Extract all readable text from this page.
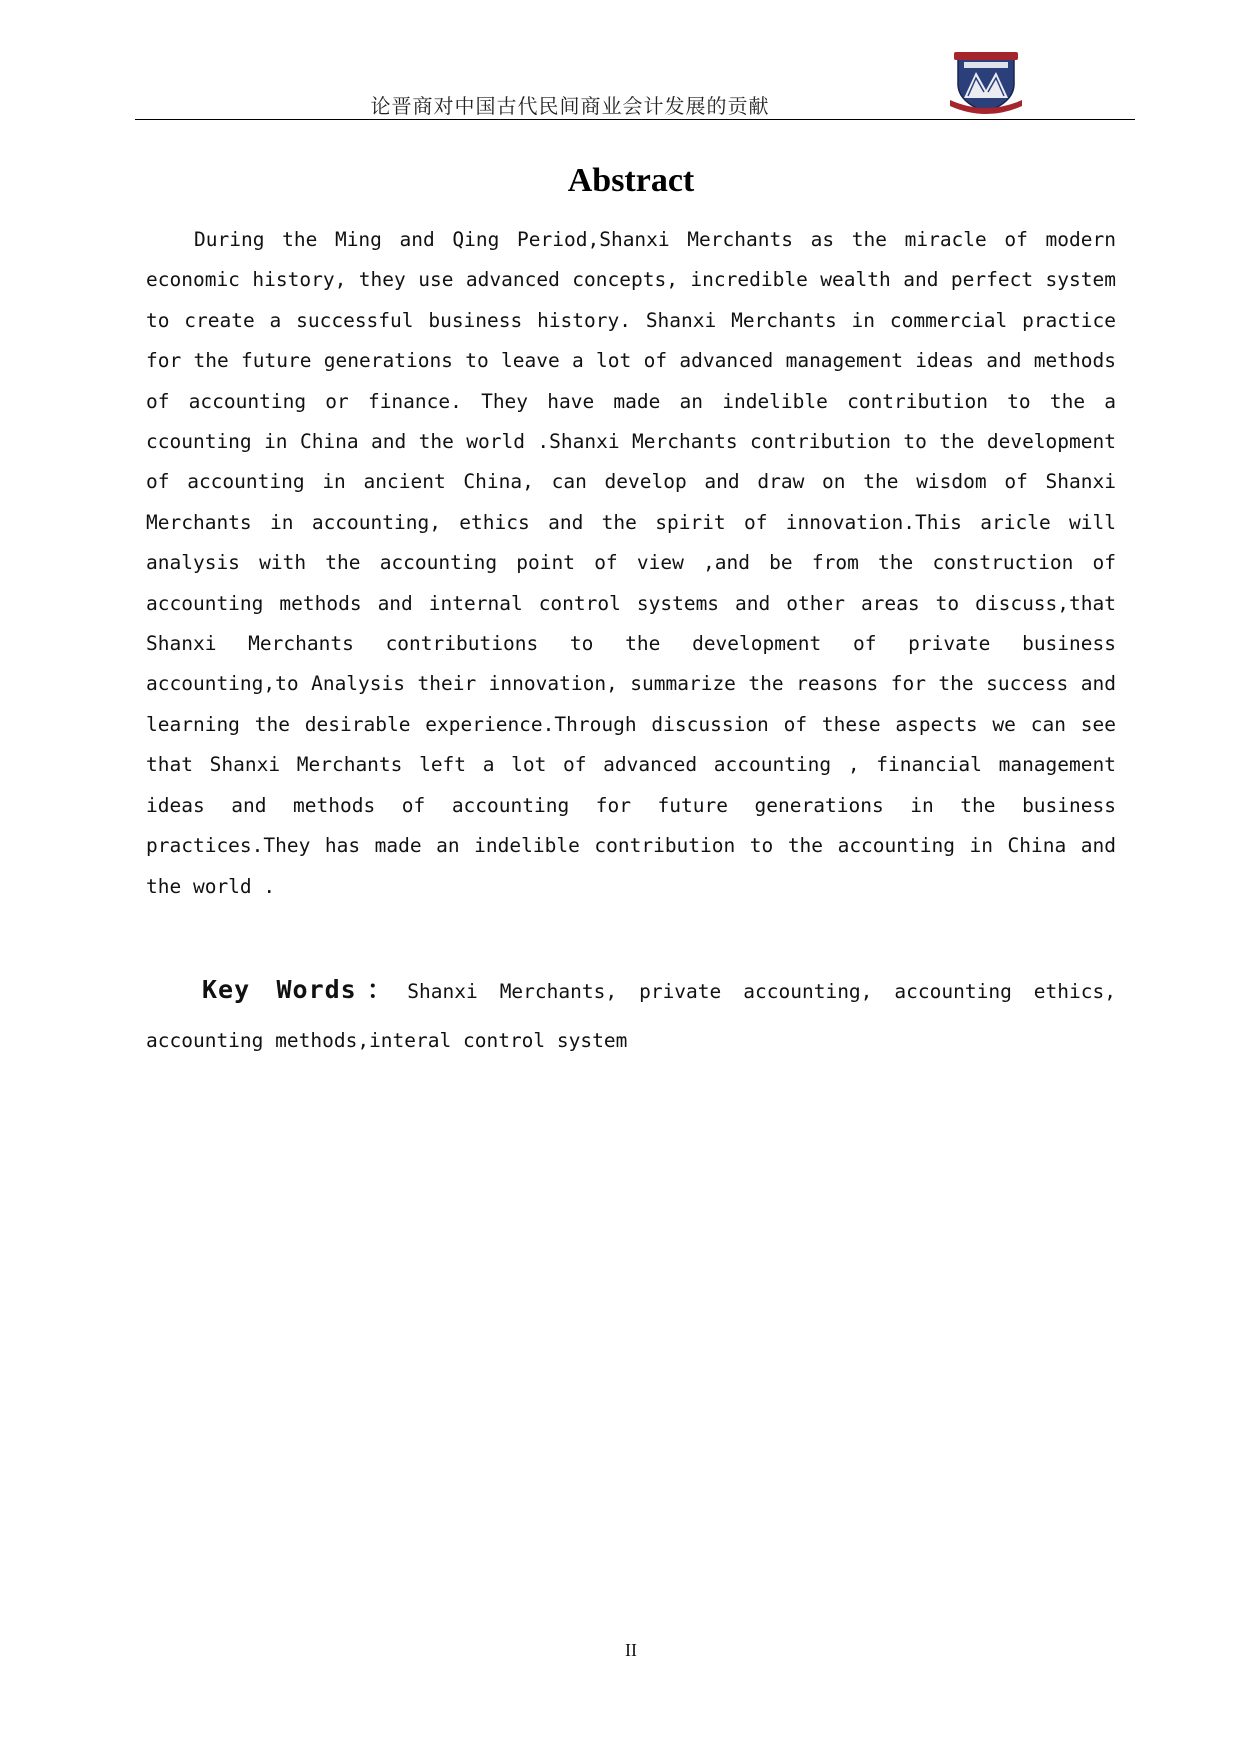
论晋商对中国古代民间商业会计发展的贡献
Abstract

During the Ming and Qing Period,Shanxi Merchants as the miracle of modern economic history, they use advanced concepts, incredible wealth and perfect system to create a successful business history. Shanxi Merchants in commercial practice for the future generations to leave a lot of advanced management ideas and methods of accounting or finance. They have made an indelible contribution to the a ccounting in China and the world .Shanxi Merchants contribution to the development of accounting in ancient China, can develop and draw on the wisdom of Shanxi Merchants in accounting, ethics and the spirit of innovation.This aricle will analysis with the accounting point of view ,and be from the construction of accounting methods and internal control systems and other areas to discuss,that Shanxi Merchants contributions to the development of private business accounting,to Analysis their innovation, summarize the reasons for the success and learning the desirable experience.Through discussion of these aspects we can see that Shanxi Merchants left a lot of advanced accounting , financial management ideas and methods of accounting for future generations in the business practices.They has made an indelible contribution to the accounting in China and the world .

Key Words： Shanxi Merchants, private accounting, accounting ethics, accounting methods,interal control system
II
